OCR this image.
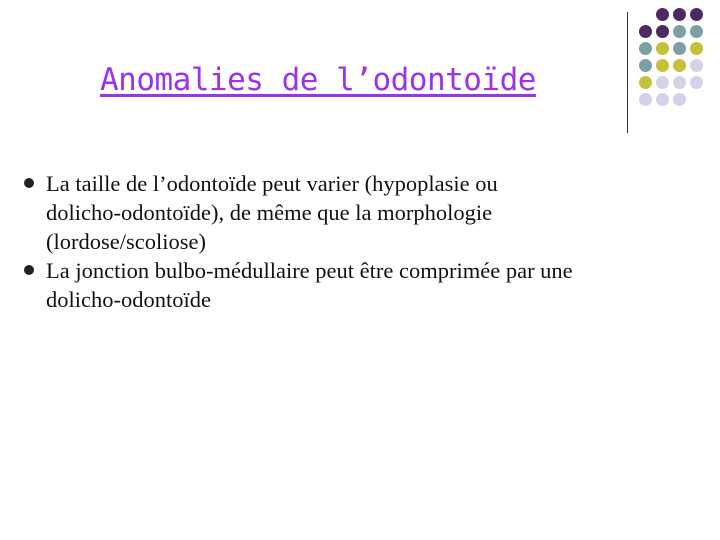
Anomalies de l’odontoïde
La taille de l’odontoïde peut varier (hypoplasie ou
dolicho-odontoïde), de même que la morphologie
(lordose/scoliose)
La jonction bulbo-médullaire peut être comprimée par une
dolicho-odontoïde
